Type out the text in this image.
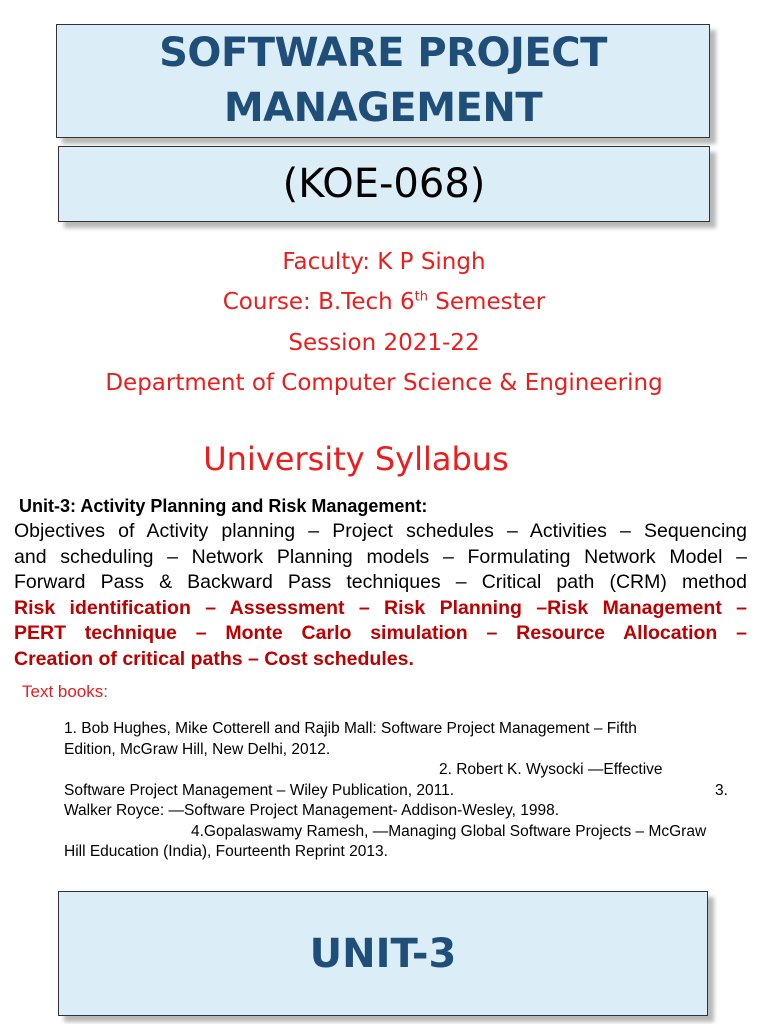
SOFTWARE PROJECT
MANAGEMENT
(KOE-068)
Faculty: K P Singh
Course: B.Tech 6th Semester
Session 2021-22
Department of Computer Science & Engineering
University Syllabus
Unit-3: Activity Planning and Risk Management:
Objectives of Activity planning – Project schedules – Activities – Sequencing
and scheduling – Network Planning models – Formulating Network Model –
Forward Pass & Backward Pass techniques – Critical path (CRM) method
Risk identification – Assessment – Risk Planning –Risk Management –
PERT technique – Monte Carlo simulation – Resource Allocation –
Creation of critical paths – Cost schedules.
Text books:
1. Bob Hughes, Mike Cotterell and Rajib Mall: Software Project Management – Fifth
Edition, McGraw Hill, New Delhi, 2012.
2. Robert K. Wysocki —Effective
Software Project Management – Wiley Publication, 2011.	3.
Walker Royce: —Software Project Management- Addison-Wesley, 1998.
4.Gopalaswamy Ramesh, —Managing Global Software Projects – McGraw
Hill Education (India), Fourteenth Reprint 2013.
UNIT-3
